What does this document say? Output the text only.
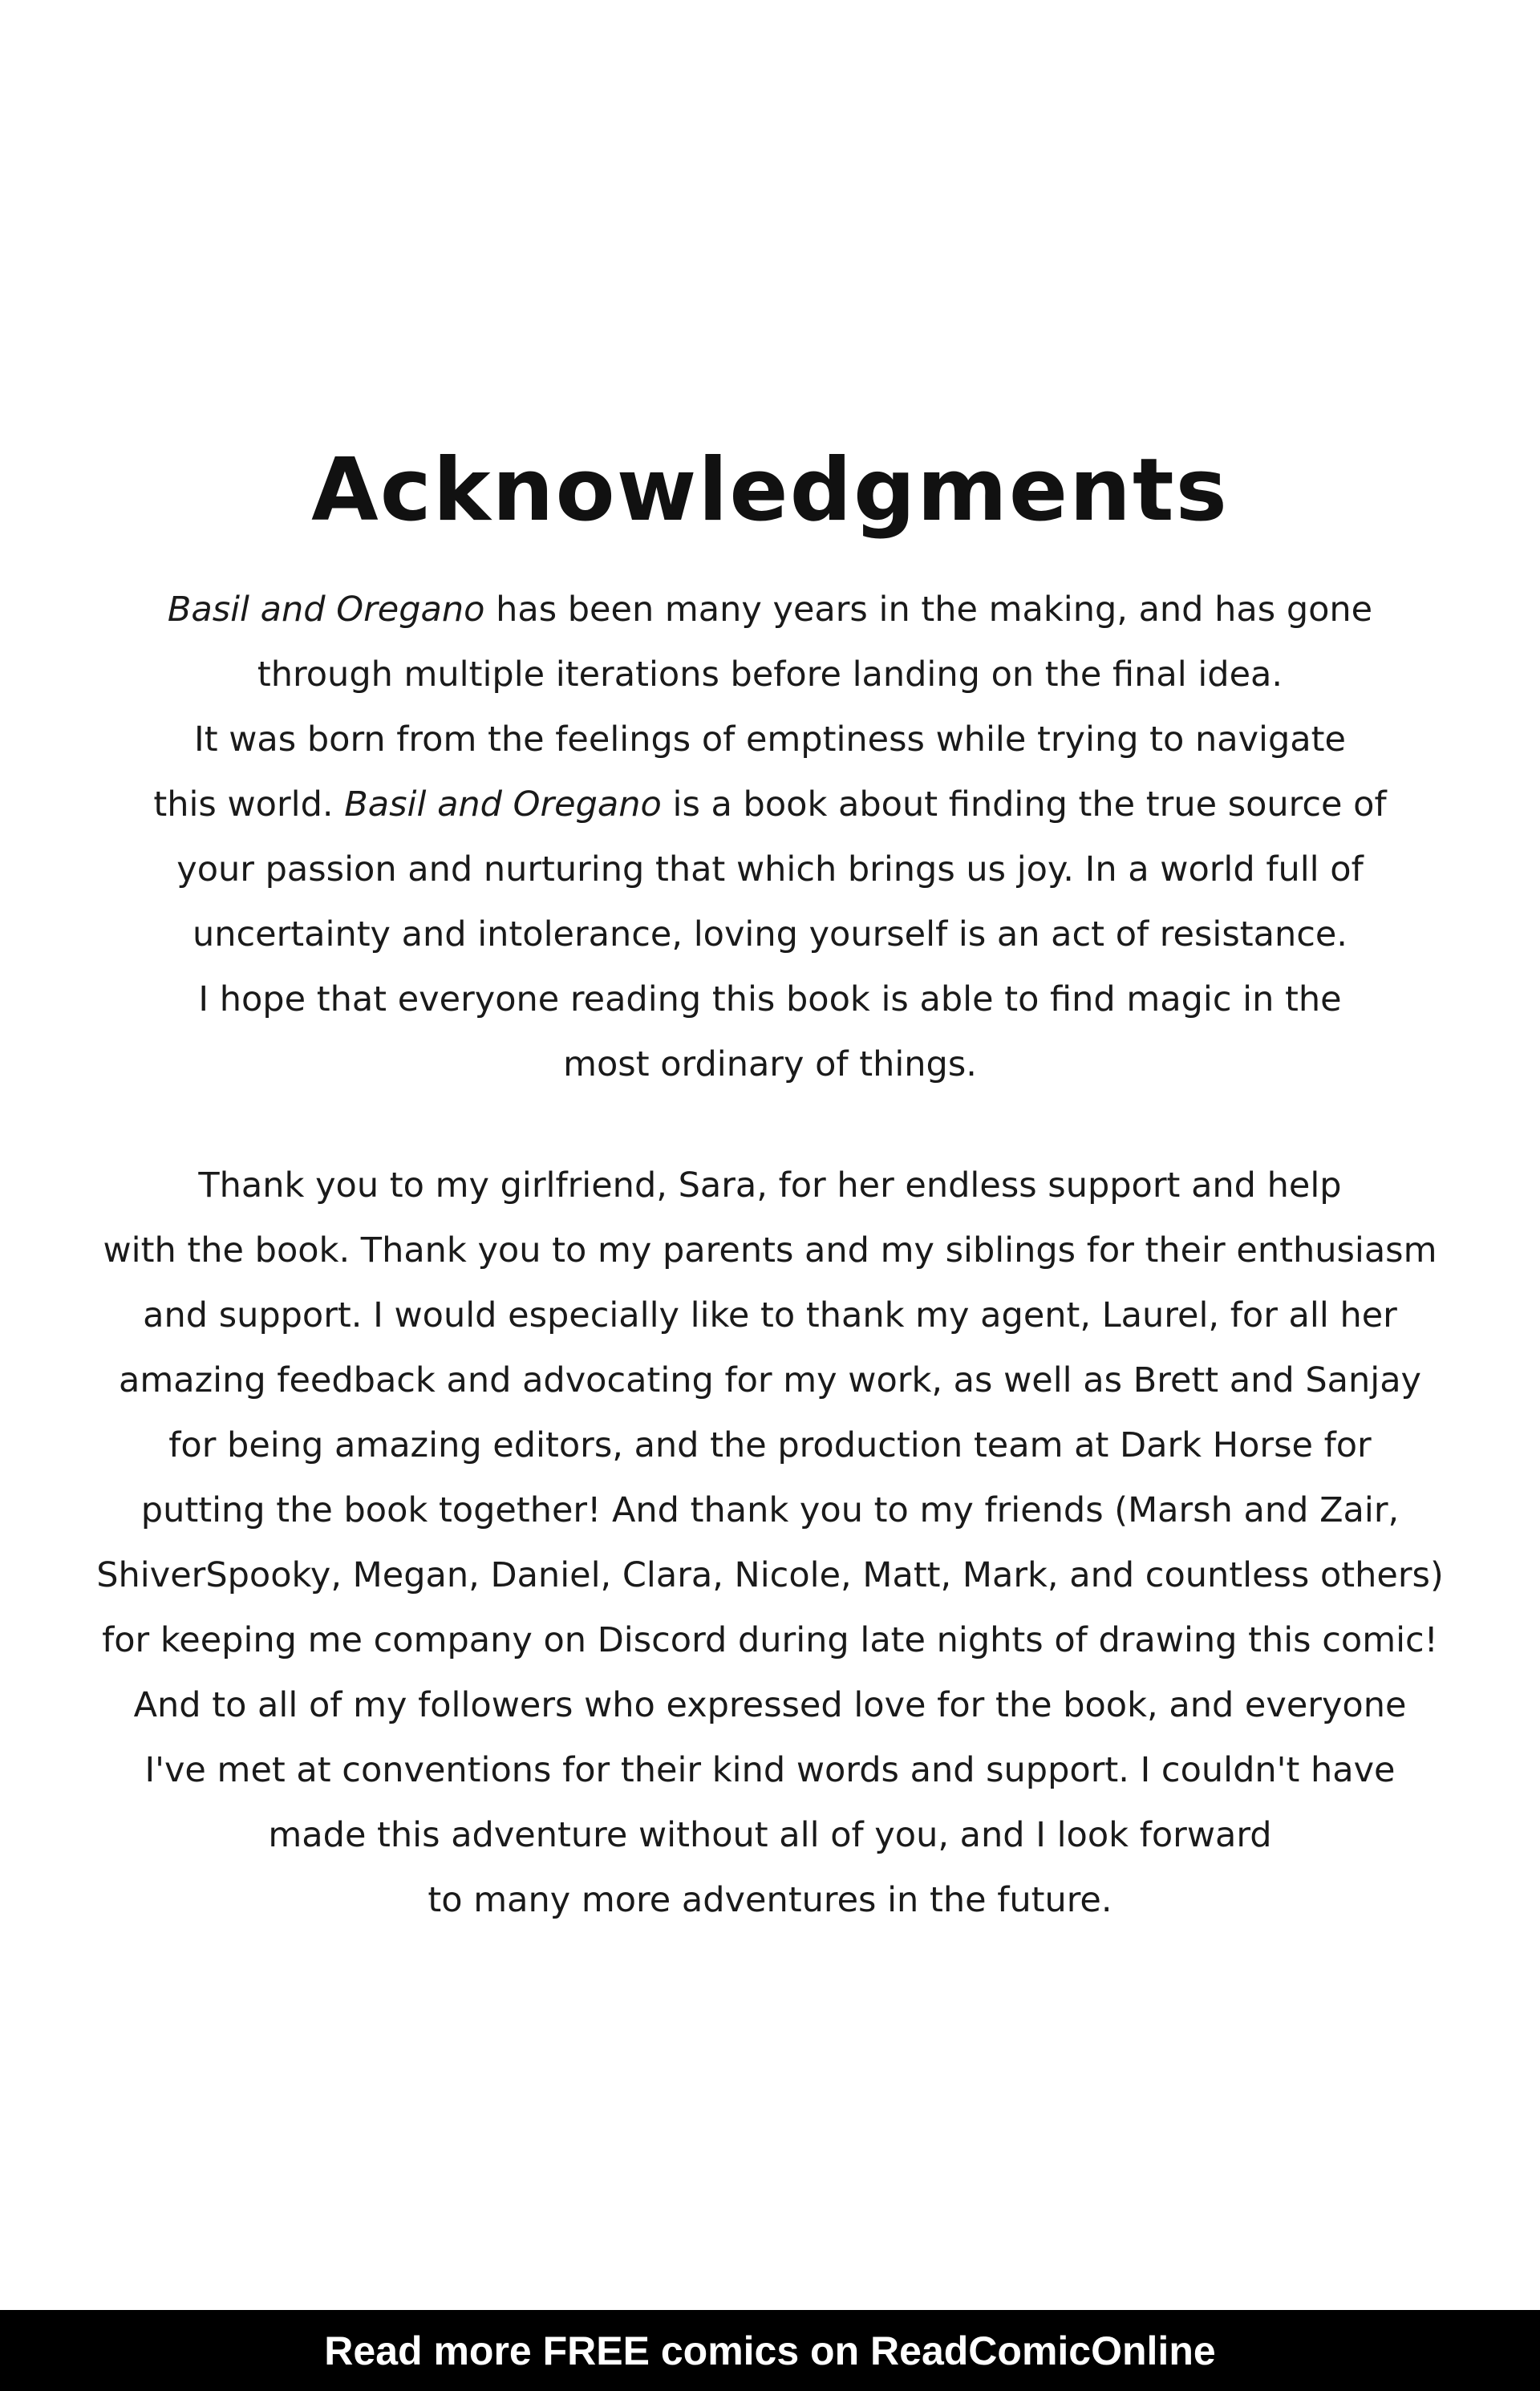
Acknowledgments
Basil and Oregano has been many years in the making, and has gone
through multiple iterations before landing on the final idea.
It was born from the feelings of emptiness while trying to navigate
this world. Basil and Oregano is a book about finding the true source of
your passion and nurturing that which brings us joy. In a world full of
uncertainty and intolerance, loving yourself is an act of resistance.
I hope that everyone reading this book is able to find magic in the
most ordinary of things.
Thank you to my girlfriend, Sara, for her endless support and help
with the book. Thank you to my parents and my siblings for their enthusiasm
and support. I would especially like to thank my agent, Laurel, for all her
amazing feedback and advocating for my work, as well as Brett and Sanjay
for being amazing editors, and the production team at Dark Horse for
putting the book together! And thank you to my friends (Marsh and Zair,
ShiverSpooky, Megan, Daniel, Clara, Nicole, Matt, Mark, and countless others)
for keeping me company on Discord during late nights of drawing this comic!
And to all of my followers who expressed love for the book, and everyone
I've met at conventions for their kind words and support. I couldn't have
made this adventure without all of you, and I look forward
to many more adventures in the future.
Read more FREE comics on ReadComicOnline
